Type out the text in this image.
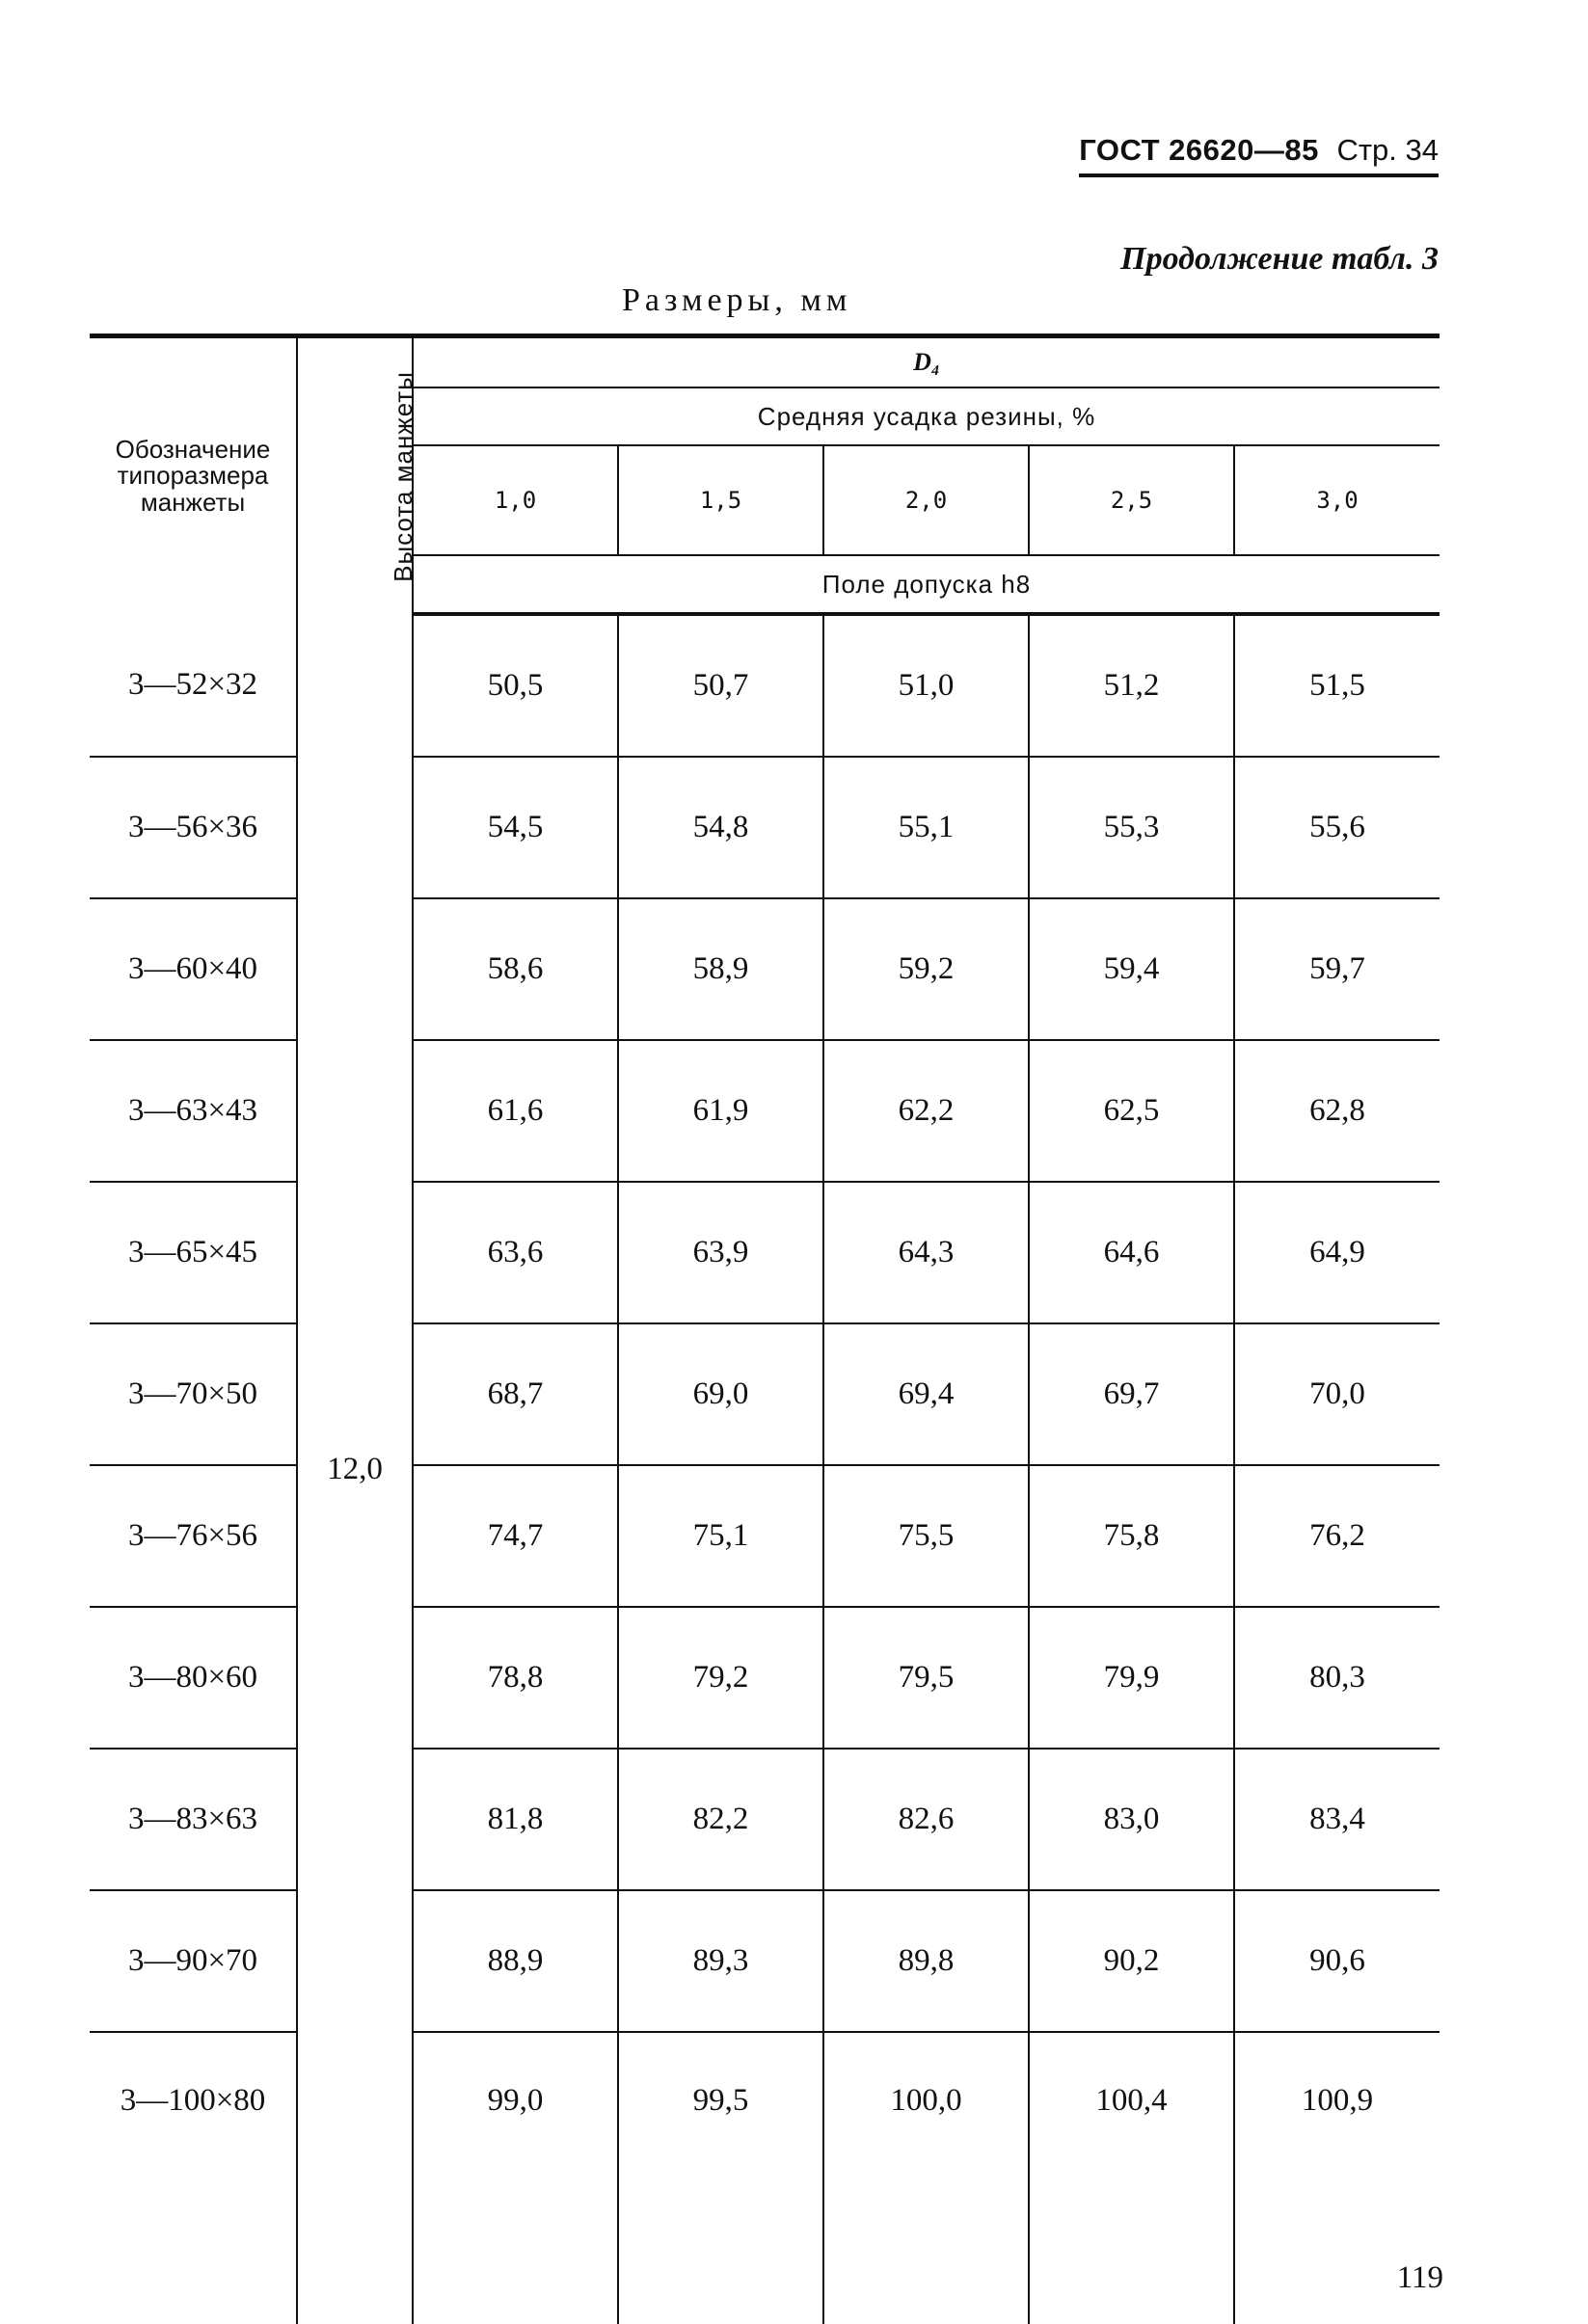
ГОСТ 26620—85 Стр. 34
Продолжение табл. 3
Размеры, мм
Обозначение типоразмера манжеты	Высота манжеты	D₄				
		Средняя усадка резины, %				
		1,0	1,5	2,0	2,5	3,0
		Поле допуска h8				
3—52×32	12,0	50,5	50,7	51,0	51,2	51,5
3—56×36		54,5	54,8	55,1	55,3	55,6
3—60×40		58,6	58,9	59,2	59,4	59,7
3—63×43		61,6	61,9	62,2	62,5	62,8
3—65×45		63,6	63,9	64,3	64,6	64,9
3—70×50		68,7	69,0	69,4	69,7	70,0
3—76×56		74,7	75,1	75,5	75,8	76,2
3—80×60		78,8	79,2	79,5	79,9	80,3
3—83×63		81,8	82,2	82,6	83,0	83,4
3—90×70		88,9	89,3	89,8	90,2	90,6
3—100×80		99,0	99,5	100,0	100,4	100,9
119
